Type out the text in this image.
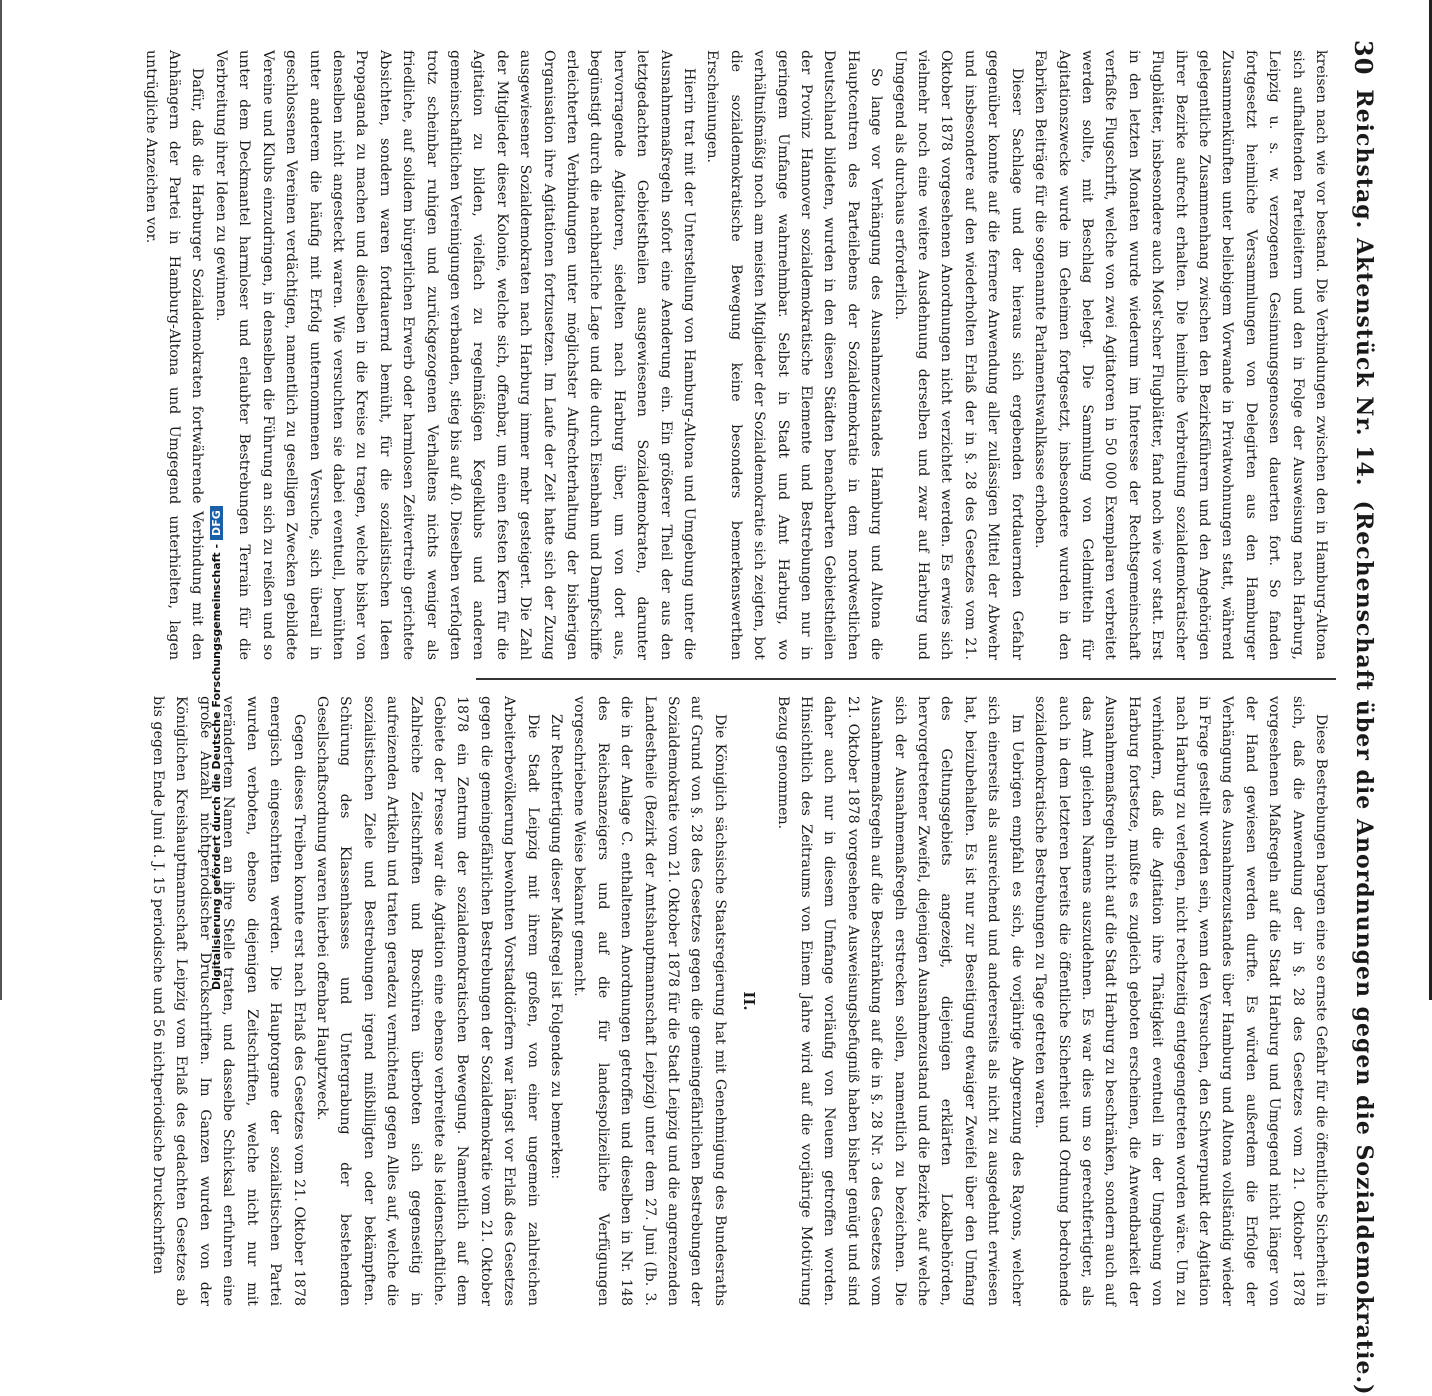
30
Reichstag. Aktenstück Nr. 14.
(Rechenschaft über die Anordnungen gegen die Sozialdemokratie.)

kreisen nach wie vor bestand. Die Verbindungen zwischen den in Hamburg-Altona sich aufhaltenden Parteileitern und den in Folge der Ausweisung nach Harburg, Leipzig u. s. w. verzogenen Gesinnungsgenossen dauerten fort. So fanden fortgesetzt heimliche Versammlungen von Delegirten aus den Hamburger Zusammenkünften unter beliebigem Vorwande in Privatwohnungen statt, während gelegentliche Zusammenhang zwischen den Bezirksführern und den Angehörigen ihrer Bezirke aufrecht erhalten. Die heimliche Verbreitung sozialdemokratischer Flugblätter, insbesondere auch Most'scher Flugblätter, fand noch wie vor statt. Erst in den letzten Monaten wurde wiederum im Interesse der Rechtsgemeinschaft verfaßte Flugschrift, welche von zwei Agitatoren in 50 000 Exemplaren verbreitet werden sollte, mit Beschlag belegt. Die Sammlung von Geldmitteln für Agitationszwecke wurde im Geheimen fortgesetzt, insbesondere wurden in den Fabriken Beiträge für die sogenannte Parlamentswahlkasse erhoben.

Dieser Sachlage und der hieraus sich ergebenden fortdauernden Gefahr gegenüber konnte auf die fernere Anwendung aller zulässigen Mittel der Abwehr und insbesondere auf den wiederholten Erlaß der in §. 28 des Gesetzes vom 21. Oktober 1878 vorgesehenen Anordnungen nicht verzichtet werden. Es erwies sich vielmehr noch eine weitere Ausdehnung derselben und zwar auf Harburg und Umgegend als durchaus erforderlich.

So lange vor Verhängung des Ausnahmezustandes Hamburg und Altona die Hauptcentren des Parteilebens der Sozialdemokratie in dem nordwestlichen Deutschland bildeten, wurden in den diesen Städten benachbarten Gebietstheilen der Provinz Hannover sozialdemokratische Elemente und Bestrebungen nur in geringem Umfange wahrnehmbar. Selbst in Stadt und Amt Harburg, wo verhältnißmäßig noch am meisten Mitglieder der Sozialdemokratie sich zeigten, bot die sozialdemokratische Bewegung keine besonders bemerkenswerthen Erscheinungen.

Hierin trat mit der Unterstellung von Hamburg-Altona und Umgebung unter die Ausnahmemaßregeln sofort eine Aenderung ein. Ein größerer Theil der aus den letztgedachten Gebietstheilen ausgewiesenen Sozialdemokraten, darunter hervorragende Agitatoren, siedelten nach Harburg über, um von dort aus, begünstigt durch die nachbarliche Lage und die durch Eisenbahn und Dampfschiffe erleichterten Verbindungen unter möglichster Aufrechterhaltung der bisherigen Organisation ihre Agitationen fortzusetzen. Im Laufe der Zeit hatte sich der Zuzug ausgewiesener Sozialdemokraten nach Harburg immer mehr gesteigert. Die Zahl der Mitglieder dieser Kolonie, welche sich, offenbar, um einen festen Kern für die Agitation zu bilden, vielfach zu regelmäßigen Kegelklubs und anderen gemeinschaftlichen Vereinigungen verbanden, stieg bis auf 40. Dieselben verfolgten trotz scheinbar ruhigen und zurückgezogenen Verhaltens nichts weniger als friedliche, auf solidem bürgerlichen Erwerb oder harmlosen Zeitvertreib gerichtete Absichten, sondern waren fortdauernd bemüht, für die sozialistischen Ideen Propaganda zu machen und dieselben in die Kreise zu tragen, welche bisher von denselben nicht angesteckt waren. Wie versuchten sie dabei eventuell, bemühten unter anderem die häufig mit Erfolg unternommenen Versuche, sich überall in geschlossenen Vereinen verdächtigen, namentlich zu geselligen Zwecken gebildete Vereine und Klubs einzudringen, in denselben die Führung an sich zu reißen und so unter dem Deckmantel harmloser und erlaubter Bestrebungen Terrain für die Verbreitung ihrer Ideen zu gewinnen.

Dafür, daß die Harburger Sozialdemokraten fortwährende Verbindung mit den Anhängern der Partei in Hamburg-Altona und Umgegend unterhielten, lagen untrügliche Anzeichen vor.

Diese Bestrebungen bargen eine so ernste Gefahr für die öffentliche Sicherheit in sich, daß die Anwendung der in §. 28 des Gesetzes vom 21. Oktober 1878 vorgesehenen Maßregeln auf die Stadt Harburg und Umgegend nicht länger von der Hand gewiesen werden durfte. Es würden außerdem die Erfolge der Verhängung des Ausnahmezustandes über Hamburg und Altona vollständig wieder in Frage gestellt worden sein, wenn den Versuchen, den Schwerpunkt der Agitation nach Harburg zu verlegen, nicht rechtzeitig entgegengetreten worden wäre. Um zu verhindern, daß die Agitation ihre Thätigkeit eventuell in der Umgebung von Harburg fortsetze, mußte es zugleich geboten erscheinen, die Anwendbarkeit der Ausnahmemaßregeln nicht auf die Stadt Harburg zu beschränken, sondern auch auf das Amt gleichen Namens auszudehnen. Es war dies um so gerechtfertigter, als auch in dem letzteren bereits die öffentliche Sicherheit und Ordnung bedrohende sozialdemokratische Bestrebungen zu Tage getreten waren.

Im Uebrigen empfahl es sich, die vorjährige Abgrenzung des Rayons, welcher sich einerseits als ausreichend und andererseits als nicht zu ausgedehnt erwiesen hat, beizubehalten. Es ist nur zur Beseitigung etwaiger Zweifel über den Umfang des Geltungsgebiets angezeigt, diejenigen erklärten Lokalbehörden, hervorgetretener Zweifel, diejenigen Ausnahmezustand und die Bezirke, auf welche sich der Ausnahmemaßregeln erstrecken sollen, namentlich zu bezeichnen. Die Ausnahmemaßregeln auf die Beschränkung auf die in §. 28 Nr. 3 des Gesetzes vom 21. Oktober 1878 vorgesehene Ausweisungsbefugniß haben bisher genügt und sind daher auch nur in diesem Umfange vorläufig von Neuem getroffen worden. Hinsichtlich des Zeitraums von Einem Jahre wird auf die vorjährige Motivirung Bezug genommen.

II.

Die Königlich sächsische Staatsregierung hat mit Genehmigung des Bundesraths auf Grund von §. 28 des Gesetzes gegen die gemeingefährlichen Bestrebungen der Sozialdemokratie vom 21. Oktober 1878 für die Stadt Leipzig und die angrenzenden Landestheile (Bezirk der Amtshauptmannschaft Leipzig) unter dem 27. Juni (Ib. 3. die in der Anlage C. enthaltenen Anordnungen getroffen und dieselben in Nr. 148 des Reichsanzeigers und auf die für landespolizeiliche Verfügungen vorgeschriebene Weise bekannt gemacht.

Zur Rechtfertigung dieser Maßregel ist Folgendes zu bemerken:

Die Stadt Leipzig mit ihrem großen, von einer ungemein zahlreichen Arbeiterbevölkerung bewohnten Vorstadtdörfern war längst vor Erlaß des Gesetzes gegen die gemeingefährlichen Bestrebungen der Sozialdemokratie vom 21. Oktober 1878 ein Zentrum der sozialdemokratischen Bewegung. Namentlich auf dem Gebiete der Presse war die Agitation eine ebenso verbreitete als leidenschaftliche. Zahlreiche Zeitschriften und Broschüren überboten sich gegenseitig in aufreizenden Artikeln und traten geradezu vernichtend gegen Alles auf, welche die sozialistischen Ziele und Bestrebungen irgend mißbilligten oder bekämpften. Schürung des Klassenhasses und Untergrabung der bestehenden Gesellschaftsordnung waren hierbei offenbar Hauptzweck.

Gegen dieses Treiben konnte erst nach Erlaß des Gesetzes vom 21. Oktober 1878 energisch eingeschritten werden. Die Hauptorgane der sozialistischen Partei wurden verboten, ebenso diejenigen Zeitschriften, welche nicht nur mit verändertem Namen an ihre Stelle traten, und dasselbe Schicksal erfuhren eine große Anzahl nichtperiodischer Druckschriften. Im Ganzen wurden von der Königlichen Kreishauptmannschaft Leipzig vom Erlaß des gedachten Gesetzes ab bis gegen Ende Juni d. J. 15 periodische und 56 nichtperiodische Druckschriften	Digitalisierung gefördert durch die Deutsche Forschungsgemeinschaft -DFG
